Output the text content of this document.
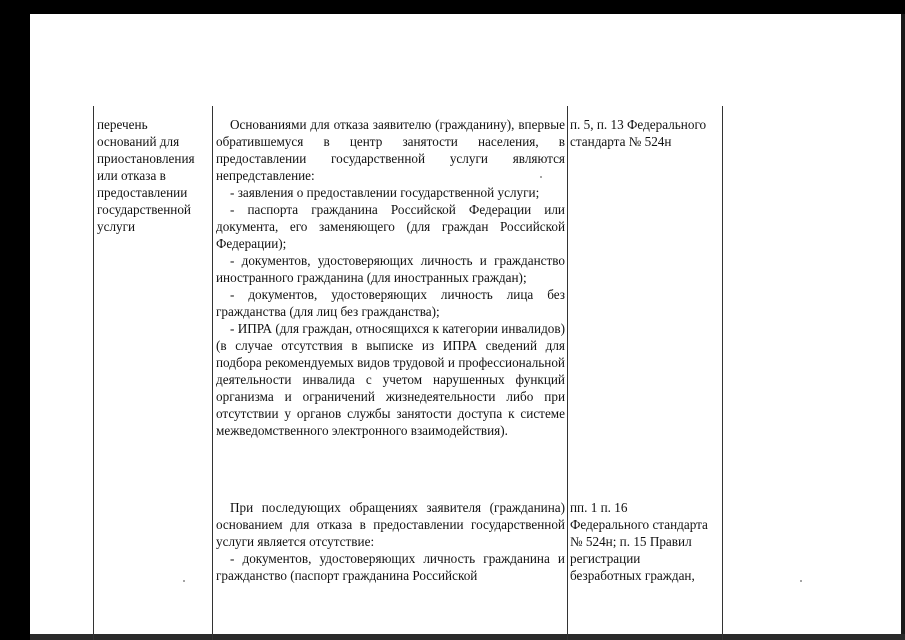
перечень
оснований для
приостановления
или отказа в
предоставлении
государственной
услуги
Основаниями для отказа заявителю (гражданину), впервые обратившемуся в центр занятости населения, в предоставлении государственной услуги являются непредставление:
- заявления о предоставлении государственной услуги;
- паспорта гражданина Российской Федерации или документа, его заменяющего (для граждан Российской Федерации);
- документов, удостоверяющих личность и гражданство иностранного гражданина (для иностранных граждан);
- документов, удостоверяющих личность лица без гражданства (для лиц без гражданства);
- ИПРА (для граждан, относящихся к категории инвалидов) (в случае отсутствия в выписке из ИПРА сведений для подбора рекомендуемых видов трудовой и профессиональной деятельности инвалида с учетом нарушенных функций организма и ограничений жизнедеятельности либо при отсутствии у органов службы занятости доступа к системе межведомственного электронного взаимодействия).
п. 5, п. 13 Федерального стандарта № 524н
При последующих обращениях заявителя (гражданина) основанием для отказа в предоставлении государственной услуги является отсутствие:
- документов, удостоверяющих личность гражданина и гражданство (паспорт гражданина Российской
пп. 1 п. 16
Федерального стандарта
№ 524н; п. 15 Правил
регистрации
безработных граждан,
